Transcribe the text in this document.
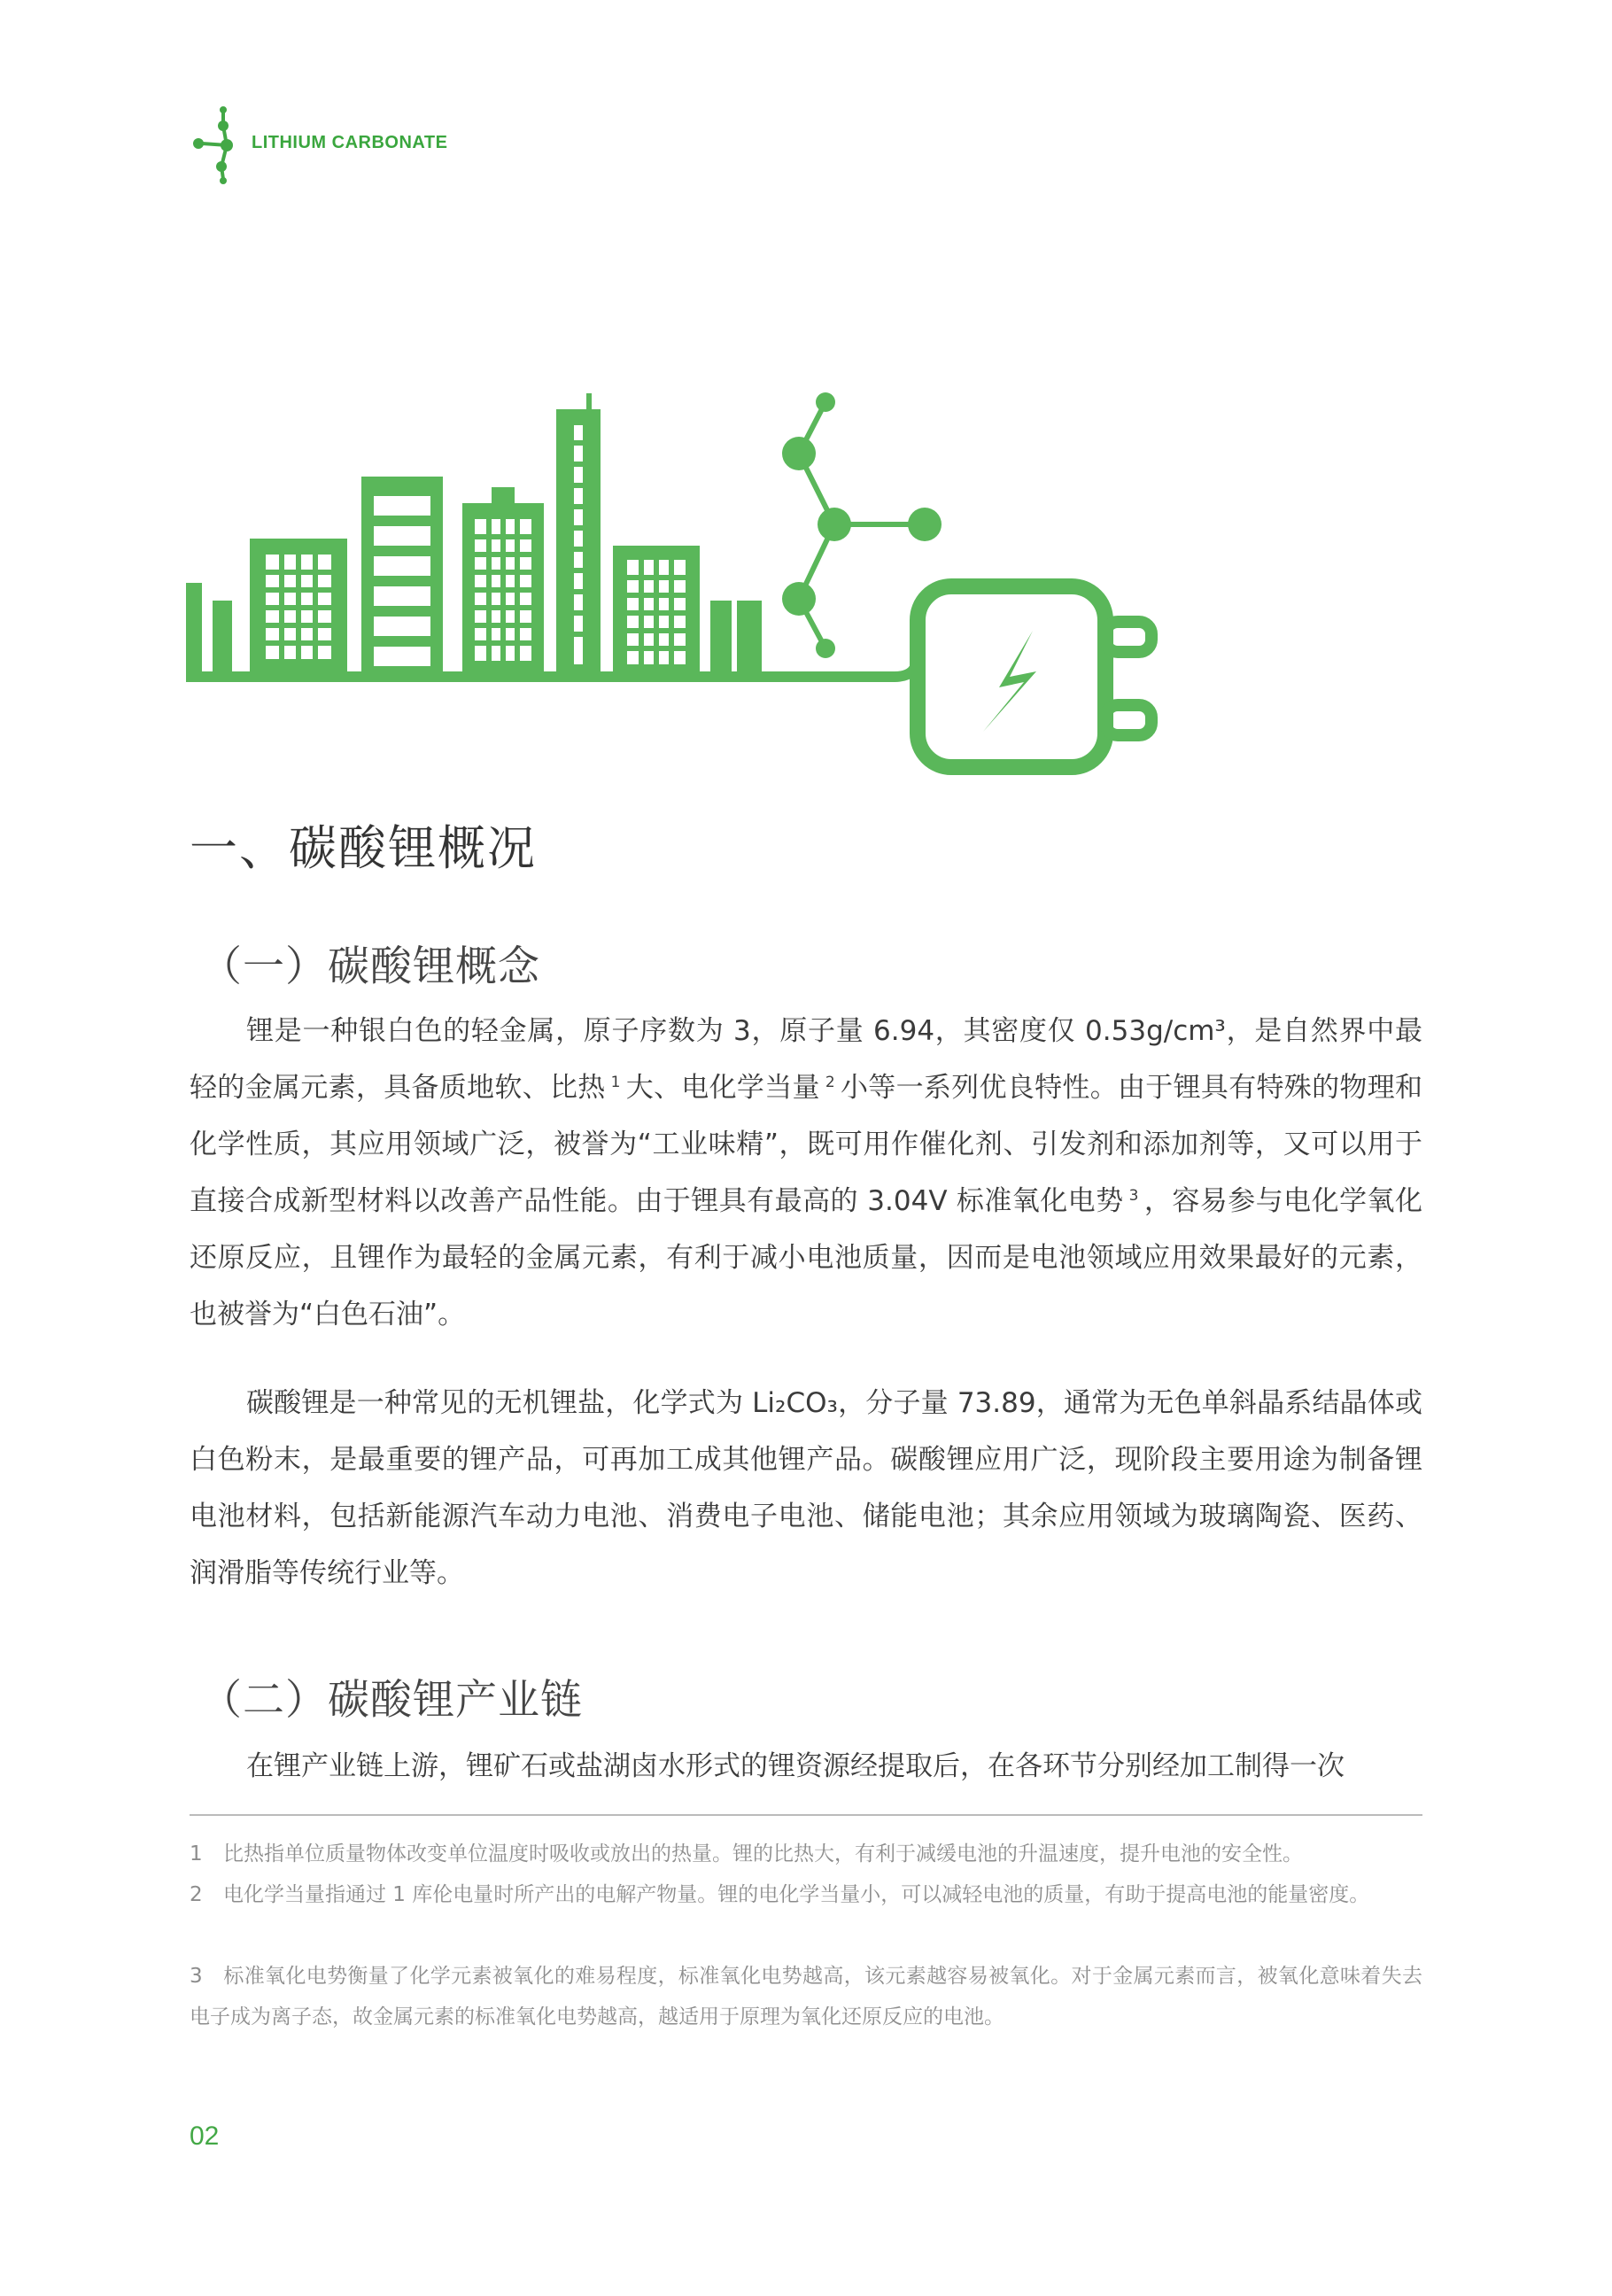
LITHIUM CARBONATE
一、碳酸锂概况
（一）碳酸锂概念
锂是一种银白色的轻金属，原子序数为 3，原子量 6.94，其密度仅 0.53g/cm³，是自然界中最轻的金属元素，具备质地软、比热 $^1$ 大、电化学当量 $^2$ 小等一系列优良特性。由于锂具有特殊的物理和化学性质，其应用领域广泛，被誉为“工业味精”，既可用作催化剂、引发剂和添加剂等，又可以用于直接合成新型材料以改善产品性能。由于锂具有最高的 3.04V 标准氧化电势 $^3$ ，容易参与电化学氧化还原反应，且锂作为最轻的金属元素，有利于减小电池质量，因而是电池领域应用效果最好的元素，也被誉为“白色石油”。
碳酸锂是一种常见的无机锂盐，化学式为 Li₂CO₃，分子量 73.89，通常为无色单斜晶系结晶体或白色粉末，是最重要的锂产品，可再加工成其他锂产品。碳酸锂应用广泛，现阶段主要用途为制备锂电池材料，包括新能源汽车动力电池、消费电子电池、储能电池；其余应用领域为玻璃陶瓷、医药、润滑脂等传统行业等。
（二）碳酸锂产业链
在锂产业链上游，锂矿石或盐湖卤水形式的锂资源经提取后，在各环节分别经加工制得一次
1 比热指单位质量物体改变单位温度时吸收或放出的热量。锂的比热大，有利于减缓电池的升温速度，提升电池的安全性。
2 电化学当量指通过 1 库伦电量时所产出的电解产物量。锂的电化学当量小，可以减轻电池的质量，有助于提高电池的能量密度。
3 标准氧化电势衡量了化学元素被氧化的难易程度，标准氧化电势越高，该元素越容易被氧化。对于金属元素而言，被氧化意味着失去电子成为离子态，故金属元素的标准氧化电势越高，越适用于原理为氧化还原反应的电池。
02
